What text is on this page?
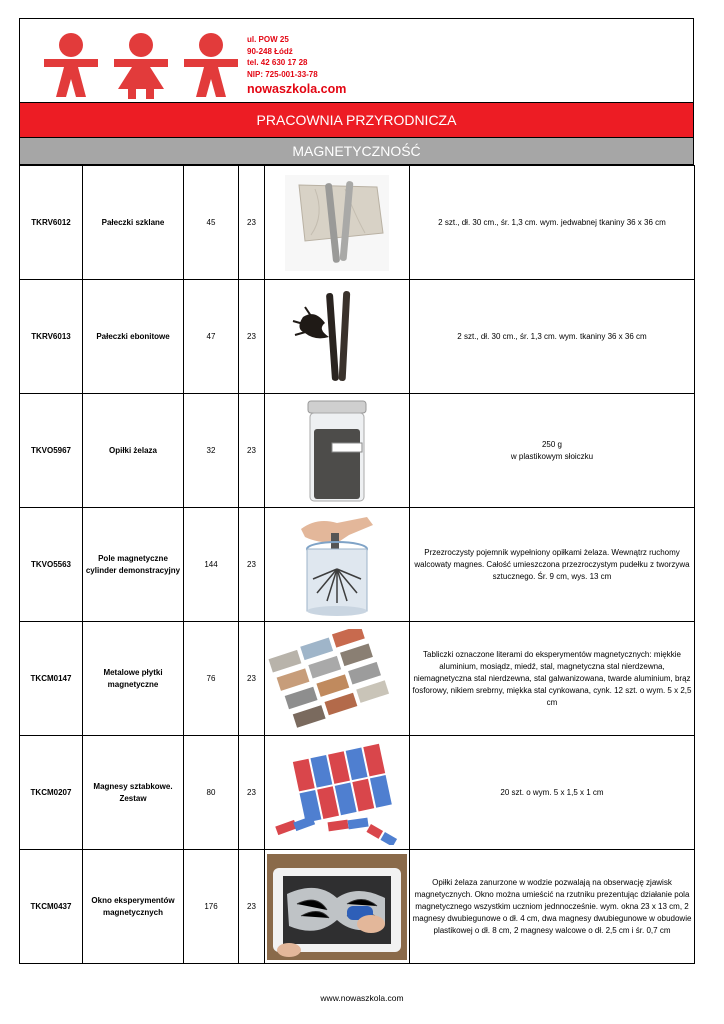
ul. POW 25
90-248 Łódź
tel. 42 630 17 28
NIP: 725-001-33-78
nowaszkola.com
PRACOWNIA PRZYRODNICZA
MAGNETYCZNOŚĆ
TKRV6012	Pałeczki szklane	45	23		2 szt., dł. 30 cm., śr. 1,3 cm. wym. jedwabnej tkaniny 36 x 36 cm
TKRV6013	Pałeczki ebonitowe	47	23		2 szt., dł. 30 cm., śr. 1,3 cm. wym. tkaniny 36 x 36 cm
TKVO5967	Opiłki żelaza	32	23		250 g
w plastikowym słoiczku
TKVO5563	Pole magnetyczne cylinder demonstracyjny	144	23		Przezroczysty pojemnik wypełniony opiłkami żelaza. Wewnątrz ruchomy walcowaty magnes. Całość umieszczona przezroczystym pudełku z tworzywa sztucznego. Śr. 9 cm, wys. 13 cm
TKCM0147	Metalowe płytki magnetyczne	76	23		Tabliczki oznaczone literami do eksperymentów magnetycznych: miękkie aluminium, mosiądz, miedź, stal, magnetyczna stal nierdzewna, niemagnetyczna stal nierdzewna, stal galwanizowana, twarde aluminium, brąz fosforowy, nikiem srebrny, miękka stal cynkowana, cynk. 12 szt. o wym. 5 x 2,5 cm
TKCM0207	Magnesy sztabkowe. Zestaw	80	23		20 szt. o wym. 5 x 1,5 x 1 cm
TKCM0437	Okno eksperymentów magnetycznych	176	23		Opiłki żelaza zanurzone w wodzie pozwalają na obserwację zjawisk magnetycznych. Okno można umieścić na rzutniku prezentując działanie pola magnetycznego wszystkim uczniom jednnocześnie. wym. okna 23 x 13 cm, 2 magnesy dwubiegunowe o dł. 4 cm, dwa magnesy dwubiegunowe w obudowie plastikowej o dł. 8 cm, 2 magnesy walcowe o dł. 2,5 cm i śr. 0,7 cm
www.nowaszkola.com
